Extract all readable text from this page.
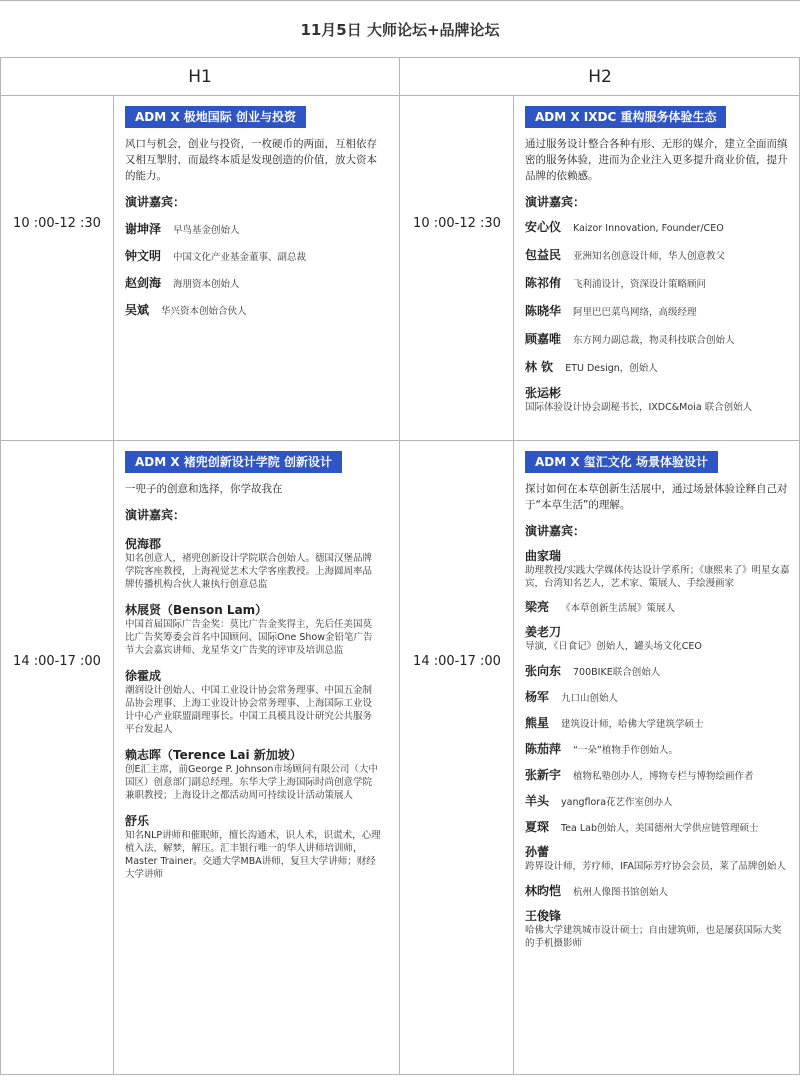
11月5日 大师论坛+品牌论坛
H1	H2
10 :00-12 :30	10 :00-12 :30
ADM X 极地国际 创业与投资
风口与机会，创业与投资，一枚硬币的两面，互相依存又相互掣肘，而最终本质是发现创造的价值，放大资本的能力。
演讲嘉宾：
谢坤泽 早鸟基金创始人
钟文明 中国文化产业基金董事、副总裁
赵剑海 海朋资本创始人
吴斌 华兴资本创始合伙人
ADM X IXDC 重构服务体验生态
通过服务设计整合各种有形、无形的媒介，建立全面而缜密的服务体验，进而为企业注入更多提升商业价值，提升品牌的依赖感。
演讲嘉宾：
安心仪 Kaizor Innovation, Founder/CEO
包益民 亚洲知名创意设计师，华人创意教父
陈祁侑 飞利浦设计，资深设计策略顾问
陈晓华 阿里巴巴菜鸟网络，高级经理
顾嘉唯 东方网力副总裁，物灵科技联合创始人
林 钦 ETU Design，创始人
张运彬
国际体验设计协会副秘书长，IXDC&Moia 联合创始人
14 :00-17 :00	14 :00-17 :00
ADM X 褚兜创新设计学院 创新设计
一兜子的创意和选择，你学故我在
演讲嘉宾：
倪海郡
知名创意人，褚兜创新设计学院联合创始人。德国汉堡品牌学院客座教授，上海视觉艺术大学客座教授。上海圆周率品牌传播机构合伙人兼执行创意总监
林展贤（Benson Lam）
中国首届国际广告金奖：莫比广告金奖得主，先后任美国莫比广告奖筹委会首名中国顾问、国际One Show金铅笔广告节大会嘉宾讲师、龙星华文广告奖的评审及培训总监
徐霍成
潮润设计创始人、中国工业设计协会常务理事、中国五金制品协会理事、上海工业设计协会常务理事、上海国际工业设计中心产业联盟副理事长。中国工具模具设计研究公共服务平台发起人
赖志晖（Terence Lai 新加坡）
创E汇主席，前George P. Johnson市场顾问有限公司（大中国区）创意部门副总经理。东华大学上海国际时尚创意学院兼职教授；上海设计之都活动周可持续设计活动策展人
舒乐
知名NLP讲师和催眠师，擅长沟通术，识人术，识谎术，心理植入法，解梦，解压。汇丰银行唯一的华人讲师培训师，Master Trainer。交通大学MBA讲师，复旦大学讲师；财经大学讲师
ADM X 玺汇文化 场景体验设计
探讨如何在本草创新生活展中，通过场景体验诠释自己对于“本草生活”的理解。
演讲嘉宾：
曲家瑞
助理教授/实践大学媒体传达设计学系所；《康熙来了》明星女嘉宾，台湾知名艺人，艺术家、策展人、手绘漫画家
梁亮 《本草创新生活展》策展人
姜老刀
导演，《日食记》创始人，罐头场文化CEO
张向东 700BIKE联合创始人
杨军 九口山创始人
熊星 建筑设计师，哈佛大学建筑学硕士
陈茄萍 “一朵”植物手作创始人。
张新宇 植物私塾创办人，博物专栏与博物绘画作者
羊头 yangflora花艺作室创办人
夏琛 Tea Lab创始人，美国德州大学供应链管理硕士
孙蕾
跨界设计师，芳疗师，IFA国际芳疗协会会员，莱了品牌创始人
林昀恺 杭州人像图书馆创始人
王俊锋
哈佛大学建筑城市设计硕士；自由建筑师，也是屡获国际大奖的手机摄影师
